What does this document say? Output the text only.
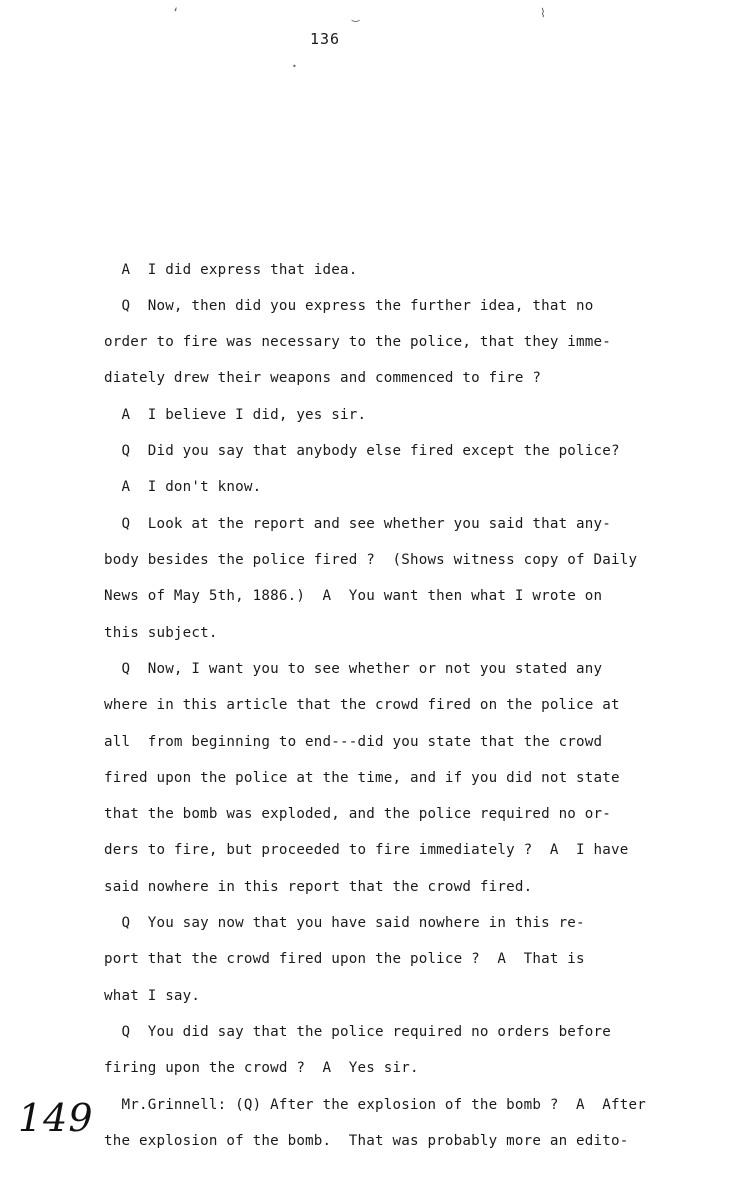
‘	‿	⌇
•
136
A  I did express that idea.
Q  Now, then did you express the further idea, that no
order to fire was necessary to the police, that they imme-
diately drew their weapons and commenced to fire ?
A  I believe I did, yes sir.
Q  Did you say that anybody else fired except the police?
A  I don't know.
Q  Look at the report and see whether you said that any-
body besides the police fired ?  (Shows witness copy of Daily
News of May 5th, 1886.)  A  You want then what I wrote on
this subject.
Q  Now, I want you to see whether or not you stated any
where in this article that the crowd fired on the police at
all  from beginning to end---did you state that the crowd
fired upon the police at the time, and if you did not state
that the bomb was exploded, and the police required no or-
ders to fire, but proceeded to fire immediately ?  A  I have
said nowhere in this report that the crowd fired.
Q  You say now that you have said nowhere in this re-
port that the crowd fired upon the police ?  A  That is
what I say.
Q  You did say that the police required no orders before
firing upon the crowd ?  A  Yes sir.
Mr.Grinnell: (Q) After the explosion of the bomb ?  A  After
the explosion of the bomb.  That was probably more an edito-
149
